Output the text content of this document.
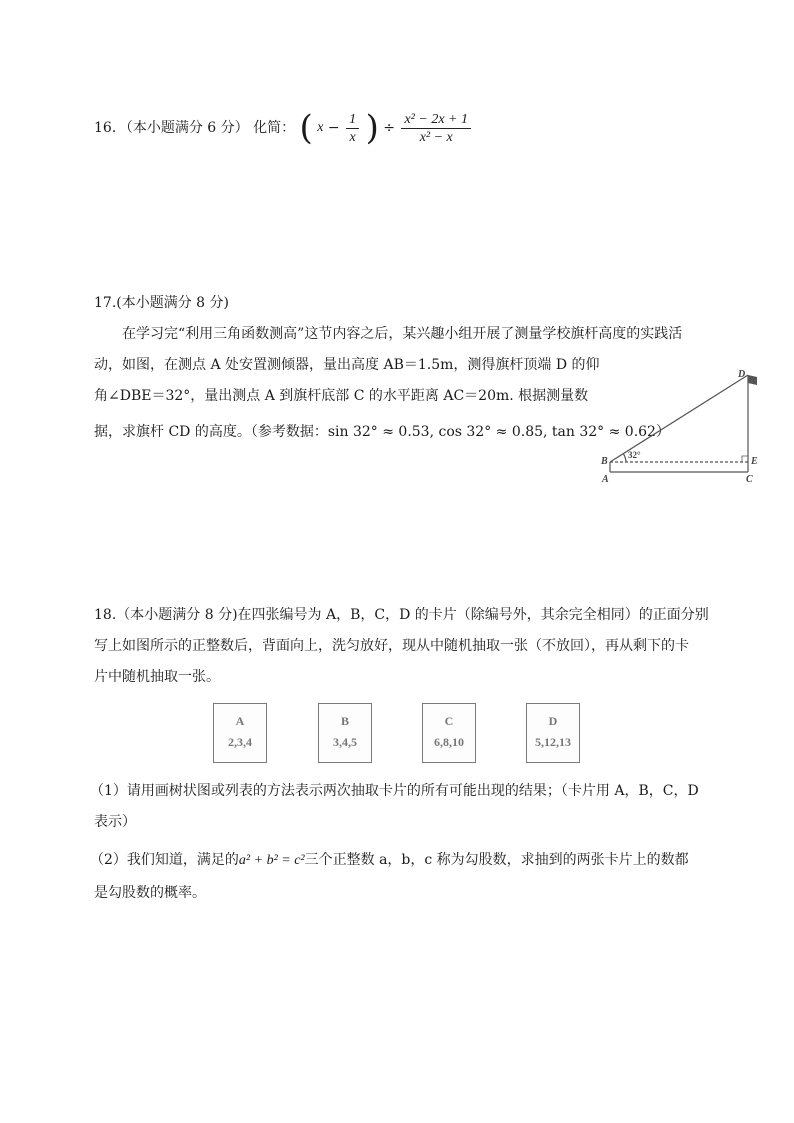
16．（本小题满分 6 分） 化简： ( $x - \frac{1}{x}$ ) ÷ $\frac{\text{x² − 2x + 1}}{\text{x² − x}}$
17.(本小题满分 8 分)
在学习完“利用三角函数测高”这节内容之后，某兴趣小组开展了测量学校旗杆高度的实践活
动，如图，在测点 A 处安置测倾器，量出高度 AB＝1.5m，测得旗杆顶端 D 的仰
角∠DBE＝32°，量出测点 A 到旗杆底部 C 的水平距离 AC＝20m. 根据测量数
据，求旗杆 CD 的高度。（参考数据：sin 32° ≈ 0.53, cos 32° ≈ 0.85, tan 32° ≈ 0.62）
D
B
A
E
C
32°
18.（本小题满分 8 分)在四张编号为 A，B，C，D 的卡片（除编号外，其余完全相同）的正面分别
写上如图所示的正整数后，背面向上，洗匀放好，现从中随机抽取一张（不放回），再从剩下的卡
片中随机抽取一张。
A
2,3,4
B
3,4,5
C
6,8,10
D
5,12,13
（1）请用画树状图或列表的方法表示两次抽取卡片的所有可能出现的结果；（卡片用 A，B，C，D
表示）
（2）我们知道，满足的a² + b² = c²三个正整数 a，b，c 称为勾股数，求抽到的两张卡片上的数都
是勾股数的概率。
